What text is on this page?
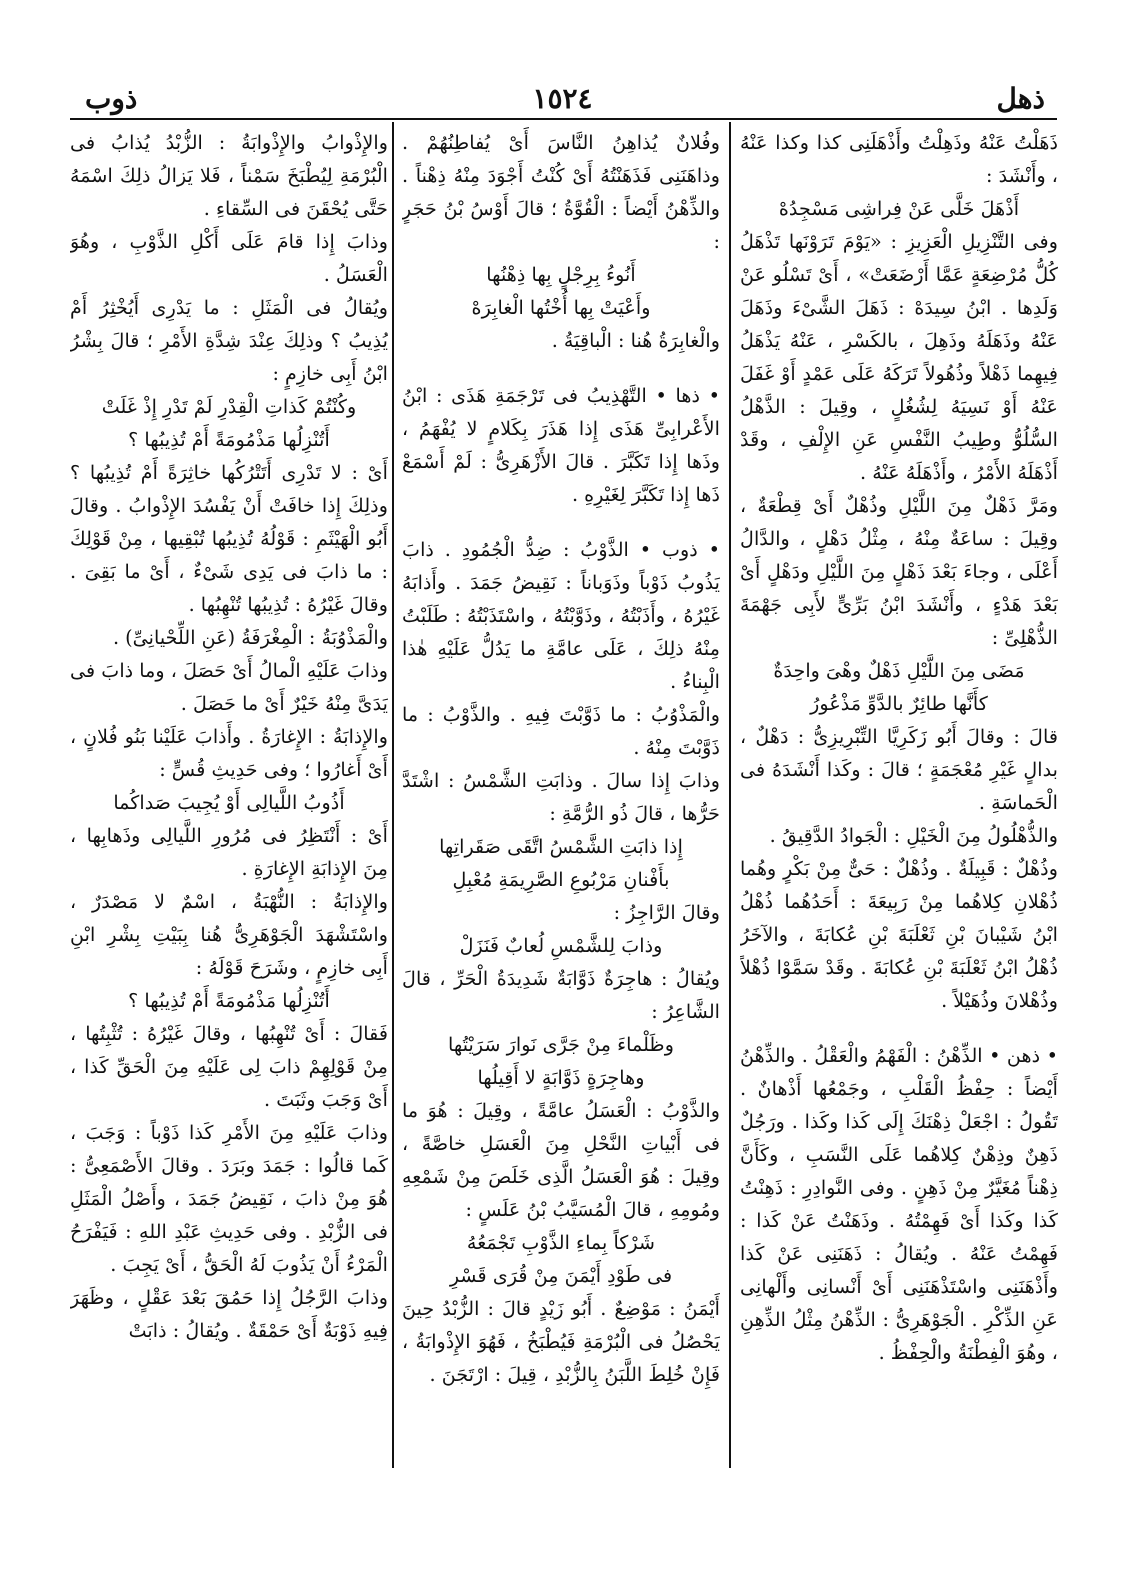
ذهل
١٥٢٤
ذوب

ذَهَلْتُ عَنْهُ وذَهِلْتُ وأَذْهَلَنِى كذا وكذا عَنْهُ ، وأَنْشَدَ :

أَذْهَلَ خَلَّى عَنْ فِراشِى مَسْجِدُهْ

وفى التَّنْزِيلِ الْعَزِيزِ : «يَوْمَ تَرَوْنَها تَذْهَلُ كُلُّ مُرْضِعَةٍ عَمَّا أَرْضَعَتْ» ، أَىْ تَسْلُو عَنْ وَلَدِها . ابْنُ سِيدَهْ : ذَهَلَ الشَّىْءَ وذَهَلَ عَنْهُ وذَهَلَهُ وذَهِلَ ، بالكَسْرِ ، عَنْهُ يَذْهَلُ فِيهِما ذَهْلاً وذُهُولاً تَرَكَهُ عَلَى عَمْدٍ أَوْ غَفَلَ عَنْهُ أَوْ نَسِيَهُ لِشُغُلٍ ، وقِيلَ : الذَّهْلُ السُّلُوُّ وطِيبُ النَّفْسِ عَنِ الإِلْفِ ، وقَدْ أَذْهَلَهُ الأَمْرُ ، وأَذْهَلَهُ عَنْهُ .

ومَرَّ ذَهْلٌ مِنَ اللَّيْلِ وذُهْلٌ أَىْ قِطْعَةٌ ، وقِيلَ : ساعَةٌ مِنْهُ ، مِثْلُ دَهْلٍ ، والدَّالُ أَعْلَى ، وجاءَ بَعْدَ ذَهْلٍ مِنَ اللَّيْلِ ودَهْلٍ أَىْ بَعْدَ هَدْءٍ ، وأَنْشَدَ ابْنُ بَرِّىٍّ لأَبِى جَهْمَةَ الذُّهْلِىِّ :

مَضَى مِنَ اللَّيْلِ ذَهْلٌ وهْىَ واحِدَةٌ

كأَنَّها طائِرٌ بالدَّوِّ مَذْعُورُ

قالَ : وقالَ أَبُو زَكَرِيَّا التِّبْرِيزِىُّ : دَهْلٌ ، بدالٍ غَيْرِ مُعْجَمَةٍ ؛ قالَ : وكَذا أَنْشَدَهُ فى الْحَماسَةِ .

والذُّهْلُولُ مِنَ الْخَيْلِ : الْجَوادُ الدَّقِيقُ .

وذُهْلٌ : قَبِيلَةٌ . وذُهْلٌ : حَىٌّ مِنْ بَكْرٍ وهُما ذُهْلانِ كِلاهُما مِنْ رَبِيعَةَ : أَحَدُهُما ذُهْلُ ابْنُ شَيْبانَ بْنِ ثَعْلَبَةَ بْنِ عُكابَةَ ، والآخَرُ ذُهْلُ ابْنُ ثَعْلَبَةَ بْنِ عُكابَةَ . وقَدْ سَمَّوْا ذُهْلاً وذُهْلانَ وذُهَيْلاً .

• ذهن • الذِّهْنُ : الْفَهْمُ والْعَقْلُ . والذِّهْنُ أَيْضاً : حِفْظُ الْقَلْبِ ، وجَمْعُها أَذْهانٌ . تَقُولُ : اجْعَلْ ذِهْنَكَ إِلَى كَذا وكَذا . ورَجُلٌ ذَهِنٌ وذِهْنٌ كِلاهُما عَلَى النَّسَبِ ، وكَأَنَّ ذِهْناً مُغَيَّرٌ مِنْ ذَهِنٍ . وفى النَّوادِرِ : ذَهِنْتُ كَذا وكَذا أَىْ فَهِمْتُهُ . وذَهَنْتُ عَنْ كَذا : فَهِمْتُ عَنْهُ . ويُقالُ : ذَهَنَنِى عَنْ كَذا وأَذْهَنَنِى واسْتَذْهَنَنِى أَىْ أَنْسانِى وأَلْهانِى عَنِ الذِّكْرِ . الْجَوْهَرِىُّ : الذِّهْنُ مِثْلُ الذِّهِنِ ، وهُوَ الْفِطْنَةُ والْحِفْظُ .

وفُلانٌ يُذاهِنُ النَّاسَ أَىْ يُفاطِنُهُمْ . وذاهَنَنِى فَذَهَنْتُهُ أَىْ كُنْتُ أَجْوَدَ مِنْهُ ذِهْناً . والذِّهْنُ أَيْضاً : الْقُوَّةُ ؛ قالَ أَوْسُ بْنُ حَجَرٍ :

أَنُوءُ بِرِجْلٍ بِها ذِهْنُها

وأَعْيَتْ بِها أُخْتُها الْغابِرَهْ

والْغابِرَةُ هُنا : الْباقِيَةُ .

• ذها • التَّهْذِيبُ فى تَرْجَمَةِ هَذَى : ابْنُ الأَعْرابِىِّ هَذَى إِذا هَذَرَ بِكَلامٍ لا يُفْهَمُ ، وذَها إِذا تَكَبَّرَ . قالَ الأَزْهَرِىُّ : لَمْ أَسْمَعْ ذَها إِذا تَكَبَّرَ لِغَيْرِهِ .

• ذوب • الذَّوْبُ : ضِدُّ الْجُمُودِ . ذابَ يَذُوبُ ذَوْباً وذَوَباناً : نَقِيضُ جَمَدَ . وأَذابَهُ غَيْرُهُ ، وأَذَبْتُهُ ، وذَوَّبْتُهُ ، واسْتَذَبْتُهُ : طَلَبْتُ مِنْهُ ذلِكَ ، عَلَى عامَّةِ ما يَدُلُّ عَلَيْهِ هٰذا الْبِناءُ .

والْمَذْوُبُ : ما ذَوَّبْتَ فِيهِ . والذَّوْبُ : ما ذَوَّبْتَ مِنْهُ .

وذابَ إِذا سالَ . وذابَتِ الشَّمْسُ : اشْتَدَّ حَرُّها ، قالَ ذُو الرُّمَّةِ :

إِذا ذابَتِ الشَّمْسُ اتَّقَى صَقَراتِها

بأَفْنانِ مَرْبُوعِ الصَّرِيمَةِ مُعْبِلِ

وقالَ الرَّاجِزُ :

وذابَ لِلشَّمْسِ لُعابٌ فَنَزَلْ

ويُقالُ : هاجِرَةٌ ذَوَّابَةٌ شَدِيدَةُ الْحَرِّ ، قالَ الشَّاعِرُ :

وظَلْماءَ مِنْ جَرَّى نَوارَ سَرَيْتُها

وهاجِرَةٍ ذَوَّابَةٍ لا أَقِيلُها

والذَّوْبُ : الْعَسَلُ عامَّةً ، وقِيلَ : هُوَ ما فى أَبْياتِ النَّحْلِ مِنَ الْعَسَلِ خاصَّةً ، وقِيلَ : هُوَ الْعَسَلُ الَّذِى خَلَصَ مِنْ شَمْعِهِ ومُومِهِ ، قالَ الْمُسَيَّبُ بْنُ عَلَسٍ :

شَرْكاً بِماءِ الذَّوْبِ تَجْمَعُهُ

فى طَوْدِ أَيْمَنَ مِنْ قُرَى قَسْرِ

أَيْمَنُ : مَوْضِعٌ . أَبُو زَيْدٍ قالَ : الزُّبْدُ حِينَ يَحْصُلُ فى الْبُرْمَةِ فَيُطْبَخُ ، فَهُوَ الإِذْوابَةُ ، فَإِنْ خُلِطَ اللَّبَنُ بِالزُّبْدِ ، قِيلَ : ارْتَجَنَ .

والإِذْوابُ والإِذْوابَةُ : الزُّبْدُ يُذابُ فى الْبُرْمَةِ لِيُطْبَخَ سَمْناً ، فَلا يَزالُ ذلِكَ اسْمَهُ حَتَّى يُحْقَنَ فى السِّقاءِ .

وذابَ إِذا قامَ عَلَى أَكْلِ الذَّوْبِ ، وهُوَ الْعَسَلُ .

ويُقالُ فى الْمَثَلِ : ما يَدْرِى أَيُخْثِرُ أَمْ يُذِيبُ ؟ وذلِكَ عِنْدَ شِدَّةِ الأَمْرِ ؛ قالَ بِشْرُ ابْنُ أَبِى خازِمٍ :

وكُنْتُمْ كَذاتِ الْقِدْرِ لَمْ تَدْرِ إِذْ غَلَتْ

أَتُنْزِلُها مَذْمُومَةً أَمْ تُذِيبُها ؟

أَىْ : لا تَدْرِى أَتَتْرُكُها خاثِرَةً أَمْ تُذِيبُها ؟ وذلِكَ إِذا خافَتْ أَنْ يَفْسُدَ الإِذْوابُ . وقالَ أَبُو الْهَيْثَمِ : قَوْلُهُ تُذِيبُها تُبْقِيها ، مِنْ قَوْلِكَ : ما ذابَ فى يَدِى شَىْءٌ ، أَىْ ما بَقِىَ . وقالَ غَيْرُهُ : تُذِيبُها تُنْهِبُها .

والْمَذْوُبَةُ : الْمِغْرَفَةُ (عَنِ اللِّحْيانِىِّ) .

وذابَ عَلَيْهِ الْمالُ أَىْ حَصَلَ ، وما ذابَ فى يَدَىَّ مِنْهُ خَيْرٌ أَىْ ما حَصَلَ .

والإِذابَةُ : الإِغارَةُ . وأَذابَ عَلَيْنا بَنُو فُلانٍ ، أَىْ أَغارُوا ؛ وفى حَدِيثِ قُسٍّ :

أَذُوبُ اللَّيالِى أَوْ يُجِيبَ صَداكُما

أَىْ : أَنْتَظِرُ فى مُرُورِ اللَّيالِى وذَهابِها ، مِنَ الإِذابَةِ الإِغارَةِ .

والإِذابَةُ : النُّهْبَةُ ، اسْمٌ لا مَصْدَرٌ ، واسْتَشْهَدَ الْجَوْهَرِىُّ هُنا بِبَيْتِ بِشْرِ ابْنِ أَبِى خازِمٍ ، وشَرَحَ قَوْلَهُ :

أَتُنْزِلُها مَذْمُومَةً أَمْ تُذِيبُها ؟

فَقالَ : أَىْ تُنْهِبُها ، وقالَ غَيْرُهُ : تُثْبِتُها ، مِنْ قَوْلِهِمْ ذابَ لِى عَلَيْهِ مِنَ الْحَقِّ كَذا ، أَىْ وَجَبَ وثَبَتَ .

وذابَ عَلَيْهِ مِنَ الأَمْرِ كَذا ذَوْباً : وَجَبَ ، كَما قالُوا : جَمَدَ وبَرَدَ . وقالَ الأَصْمَعِىُّ : هُوَ مِنْ ذابَ ، نَقِيضُ جَمَدَ ، وأَصْلُ الْمَثَلِ فى الزُّبْدِ . وفى حَدِيثِ عَبْدِ اللهِ : فَيَفْرَحُ الْمَرْءُ أَنْ يَذُوبَ لَهُ الْحَقُّ ، أَىْ يَجِبَ .

وذابَ الرَّجُلُ إِذا حَمُقَ بَعْدَ عَقْلٍ ، وظَهَرَ فِيهِ ذَوْبَةٌ أَىْ حَمْقَةٌ . ويُقالُ : ذابَتْ
